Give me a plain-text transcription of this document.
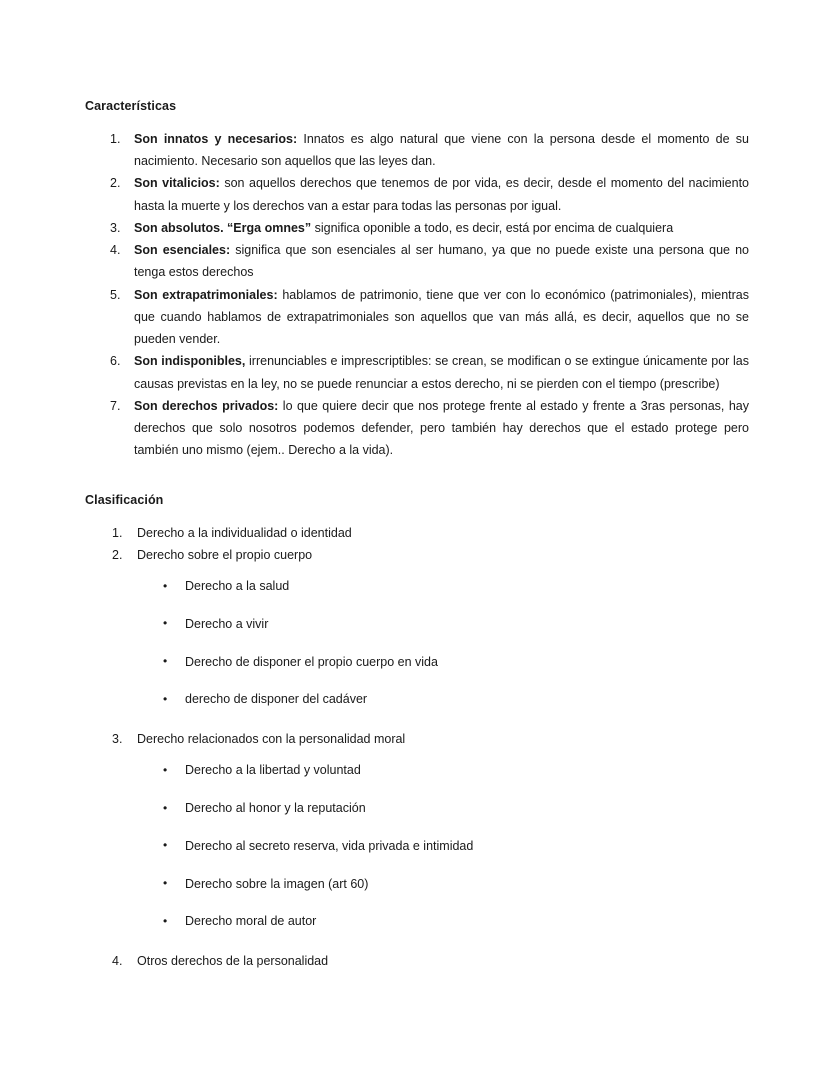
Características
Son innatos y necesarios: Innatos es algo natural que viene con la persona desde el momento de su nacimiento. Necesario son aquellos que las leyes dan.
Son vitalicios: son aquellos derechos que tenemos de por vida, es decir, desde el momento del nacimiento hasta la muerte y los derechos van a estar para todas las personas por igual.
Son absolutos. “Erga omnes” significa oponible a todo, es decir, está por encima de cualquiera
Son esenciales: significa que son esenciales al ser humano, ya que no puede existe una persona que no tenga estos derechos
Son extrapatrimoniales: hablamos de patrimonio, tiene que ver con lo económico (patrimoniales), mientras que cuando hablamos de extrapatrimoniales son aquellos que van más allá, es decir, aquellos que no se pueden vender.
Son indisponibles, irrenunciables e imprescriptibles: se crean, se modifican o se extingue únicamente por las causas previstas en la ley, no se puede renunciar a estos derecho, ni se pierden con el tiempo (prescribe)
Son derechos privados: lo que quiere decir que nos protege frente al estado y frente a 3ras personas, hay derechos que solo nosotros podemos defender, pero también hay derechos que el estado protege pero también uno mismo (ejem.. Derecho a la vida).
Clasificación
Derecho a la individualidad o identidad
Derecho sobre el propio cuerpo
• Derecho a la salud
• Derecho a vivir
• Derecho de disponer el propio cuerpo en vida
• derecho de disponer del cadáver
Derecho relacionados con la personalidad moral
• Derecho a la libertad y voluntad
• Derecho al honor y la reputación
• Derecho al secreto reserva, vida privada e intimidad
• Derecho sobre la imagen (art 60)
• Derecho moral de autor
Otros derechos de la personalidad
